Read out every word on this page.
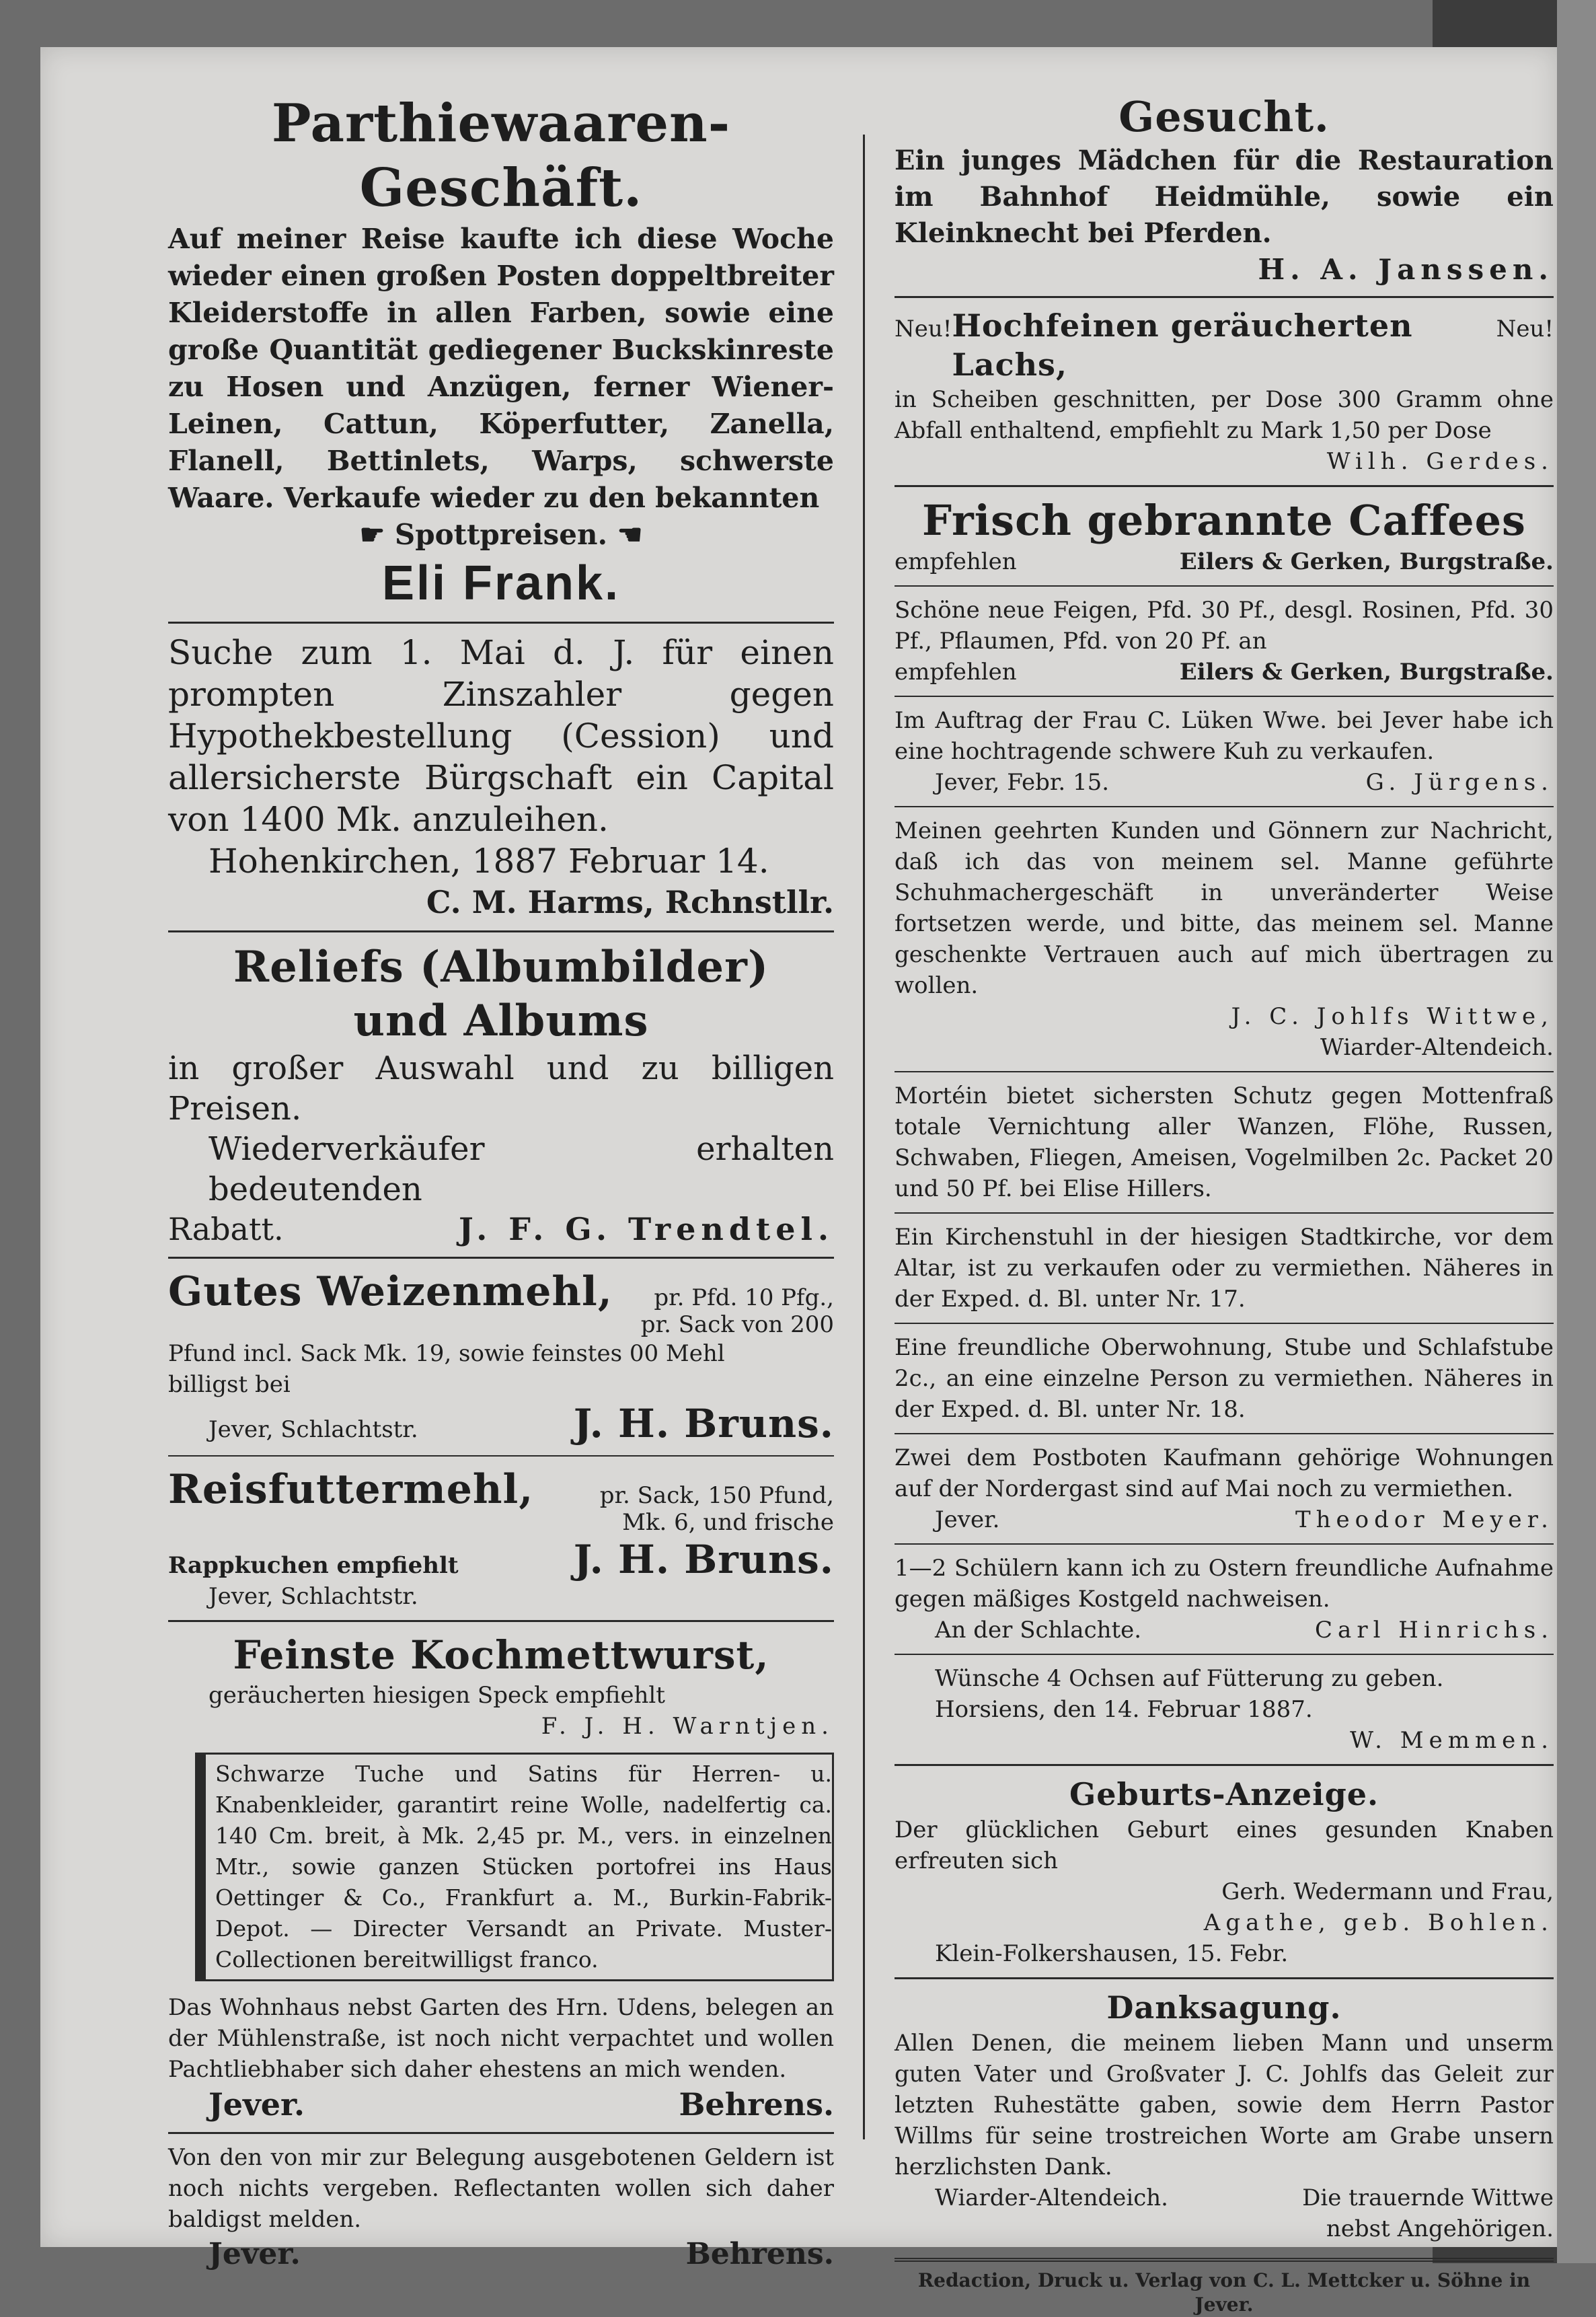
Parthiewaaren-Geschäft.
Auf meiner Reise kaufte ich diese Woche wieder einen großen Posten doppeltbreiter Kleiderstoffe in allen Farben, sowie eine große Quantität gediegener Buckskinreste zu Hosen und Anzügen, ferner Wiener-Leinen, Cattun, Köperfutter, Zanella, Flanell, Bettinlets, Warps, schwerste Waare. Verkaufe wieder zu den bekannten
☛ Spottpreisen. ☚
Eli Frank.
Suche zum 1. Mai d. J. für einen prompten Zinszahler gegen Hypothekbestellung (Cession) und allersicherste Bürgschaft ein Capital von 1400 Mk. anzuleihen.
Hohenkirchen, 1887 Februar 14.
C. M. Harms, Rchnstllr.
Reliefs (Albumbilder)
und Albums
in großer Auswahl und zu billigen Preisen.
Wiederverkäufer erhalten bedeutenden
Rabatt.	J. F. G. Trendtel.
Gutes Weizenmehl,	pr. Pfd. 10 Pfg.,
pr. Sack von 200
Pfund incl. Sack Mk. 19, sowie feinstes 00 Mehl
billigst bei
Jever, Schlachtstr.	J. H. Bruns.
Reisfuttermehl,	pr. Sack, 150 Pfund,
Mk. 6, und frische
Rappkuchen empfiehlt
Jever, Schlachtstr.
J. H. Bruns.
Feinste Kochmettwurst,
geräucherten hiesigen Speck empfiehlt
F. J. H. Warntjen.
Schwarze Tuche und Satins für Herren- u. Knabenkleider, garantirt reine Wolle, nadelfertig ca. 140 Cm. breit, à Mk. 2,45 pr. M., vers. in einzelnen Mtr., sowie ganzen Stücken portofrei ins Haus Oettinger & Co., Frankfurt a. M., Burkin-Fabrik-Depot. — Directer Versandt an Private. Muster-Collectionen bereitwilligst franco.
Das Wohnhaus nebst Garten des Hrn. Udens, belegen an der Mühlenstraße, ist noch nicht verpachtet und wollen Pachtliebhaber sich daher ehestens an mich wenden.
Jever.	Behrens.
Von den von mir zur Belegung ausgebotenen Geldern ist noch nichts vergeben. Reflectanten wollen sich daher baldigst melden.
Jever.	Behrens.
Gesucht.
Ein junges Mädchen für die Restauration im Bahnhof Heidmühle, sowie ein Kleinknecht bei Pferden.
H. A. Janssen.
Neu! Hochfeinen geräucherten Lachs,
Neu!
in Scheiben geschnitten, per Dose 300 Gramm ohne Abfall enthaltend, empfiehlt zu Mark 1,50 per Dose
Wilh. Gerdes.
Frisch gebrannte Caffees
empfehlen	Eilers & Gerken, Burgstraße.
Schöne neue Feigen, Pfd. 30 Pf., desgl. Rosinen, Pfd. 30 Pf., Pflaumen, Pfd. von 20 Pf. an
empfehlen	Eilers & Gerken, Burgstraße.
Im Auftrag der Frau C. Lüken Wwe. bei Jever habe ich eine hochtragende schwere Kuh zu verkaufen.
Jever, Febr. 15.	G. Jürgens.
Meinen geehrten Kunden und Gönnern zur Nachricht, daß ich das von meinem sel. Manne geführte Schuhmachergeschäft in unveränderter Weise fortsetzen werde, und bitte, das meinem sel. Manne geschenkte Vertrauen auch auf mich übertragen zu wollen.
J. C. Johlfs Wittwe,
Wiarder-Altendeich.
Mortéin bietet sichersten Schutz gegen Mottenfraß totale Vernichtung aller Wanzen, Flöhe, Russen, Schwaben, Fliegen, Ameisen, Vogelmilben 2c. Packet 20 und 50 Pf. bei Elise Hillers.
Ein Kirchenstuhl in der hiesigen Stadtkirche, vor dem Altar, ist zu verkaufen oder zu vermiethen. Näheres in der Exped. d. Bl. unter Nr. 17.
Eine freundliche Oberwohnung, Stube und Schlafstube 2c., an eine einzelne Person zu vermiethen. Näheres in der Exped. d. Bl. unter Nr. 18.
Zwei dem Postboten Kaufmann gehörige Wohnungen auf der Nordergast sind auf Mai noch zu vermiethen.
Jever.	Theodor Meyer.
1—2 Schülern kann ich zu Ostern freundliche Aufnahme gegen mäßiges Kostgeld nachweisen.
An der Schlachte.	Carl Hinrichs.
Wünsche 4 Ochsen auf Fütterung zu geben.
Horsiens, den 14. Februar 1887.
W. Memmen.
Geburts-Anzeige.
Der glücklichen Geburt eines gesunden Knaben erfreuten sich
Gerh. Wedermann und Frau,
Agathe, geb. Bohlen.
Klein-Folkershausen, 15. Febr.
Danksagung.
Allen Denen, die meinem lieben Mann und unserm guten Vater und Großvater J. C. Johlfs das Geleit zur letzten Ruhestätte gaben, sowie dem Herrn Pastor Willms für seine trostreichen Worte am Grabe unsern herzlichsten Dank.
Wiarder-Altendeich.	Die trauernde Wittwe
nebst Angehörigen.
Redaction, Druck u. Verlag von C. L. Mettcker u. Söhne in Jever.
